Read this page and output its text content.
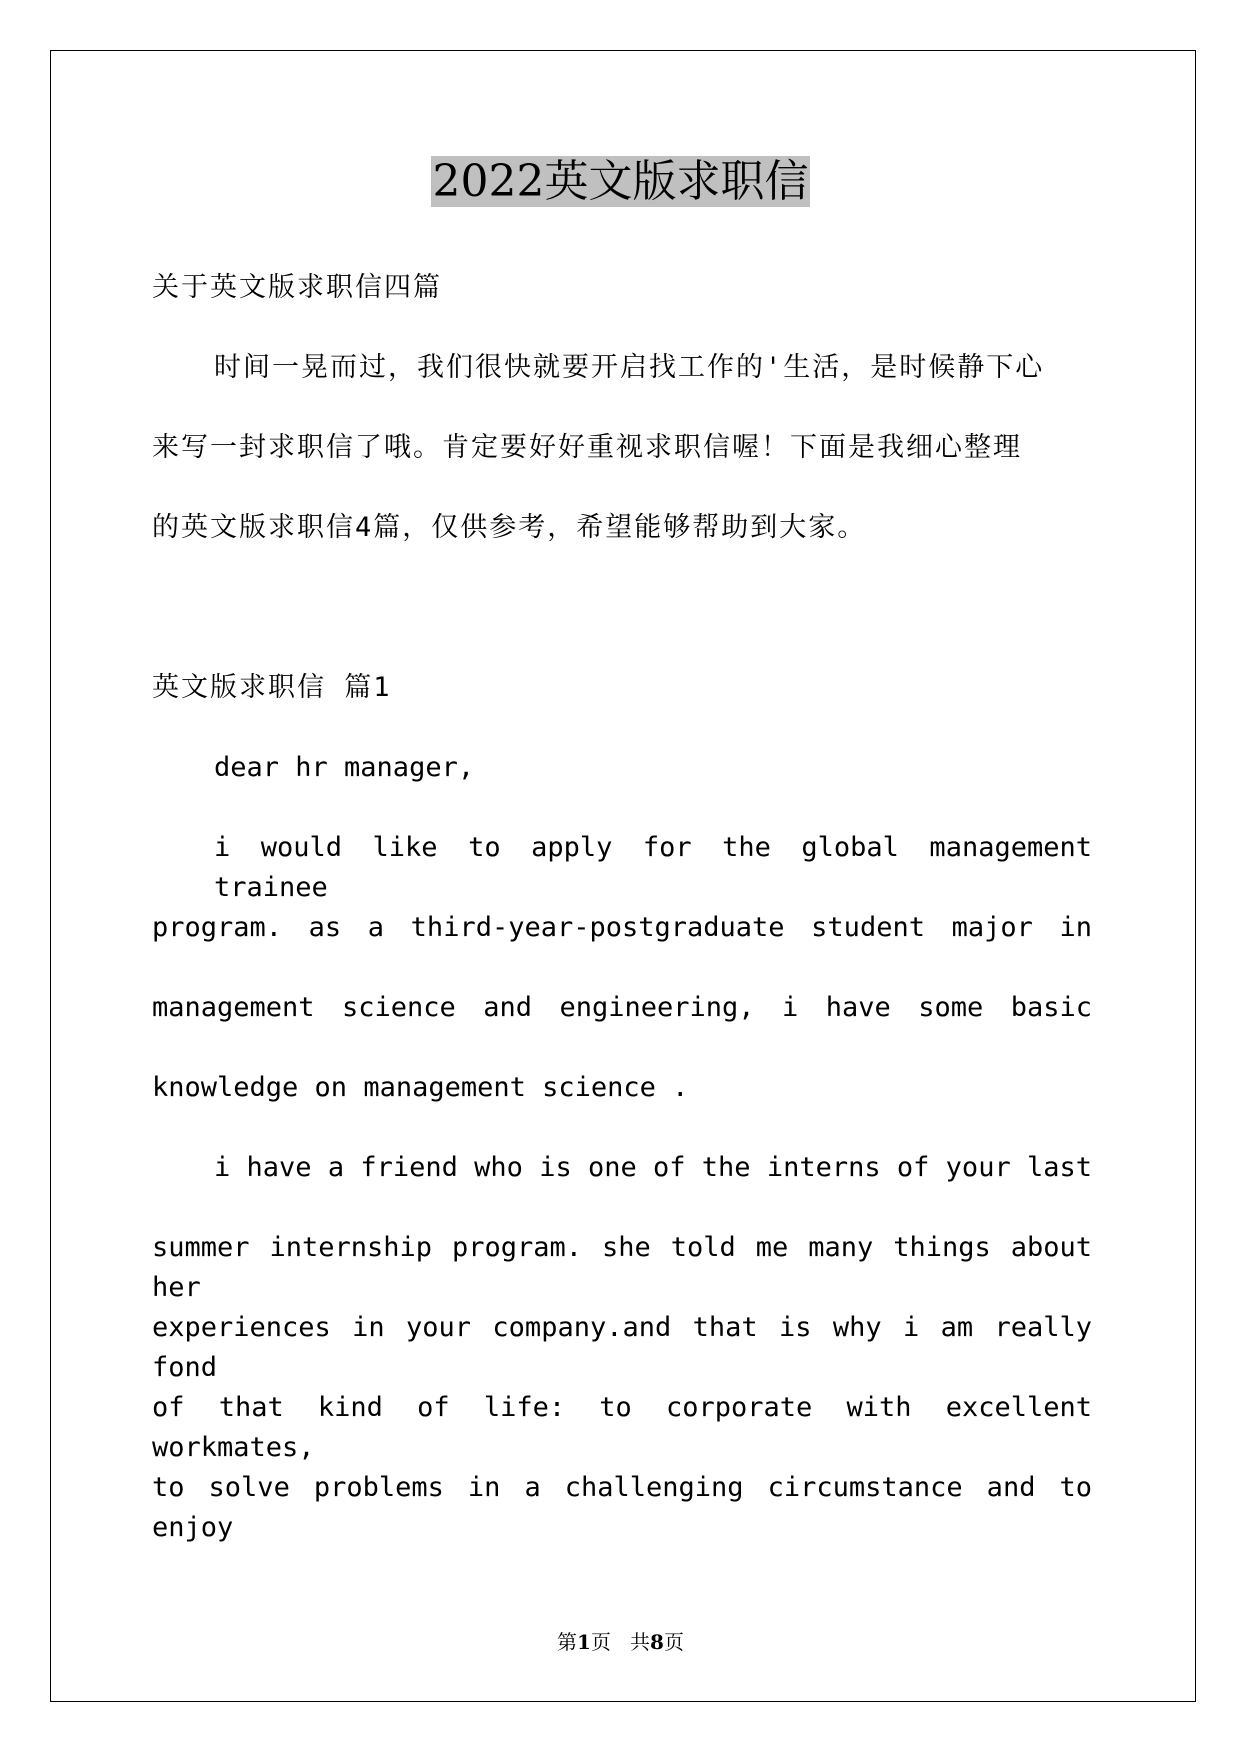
2022英文版求职信
关于英文版求职信四篇
时间一晃而过，我们很快就要开启找工作的'生活，是时候静下心
来写一封求职信了哦。肯定要好好重视求职信喔！下面是我细心整理
的英文版求职信4篇，仅供参考，希望能够帮助到大家。
英文版求职信 篇1
dear hr manager,
i would like to apply for the global management trainee
program. as a third-year-postgraduate student major in
management science and engineering, i have some basic
knowledge on management science .
i have a friend who is one of the interns of your last
summer internship program. she told me many things about her
experiences in your company.and that is why i am really fond
of that kind of life: to corporate with excellent workmates,
to solve problems in a challenging circumstance and to enjoy
第1页 共8页
